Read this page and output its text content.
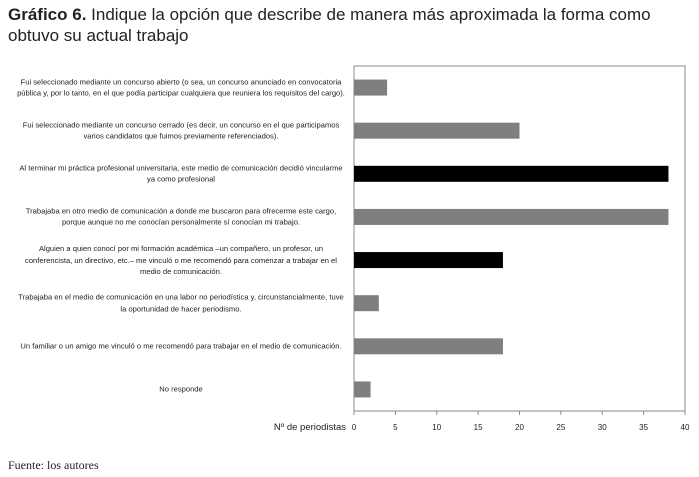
Gráfico 6. Indique la opción que describe de manera más aproximada la forma como obtuvo su actual trabajo
0	5	10	15	20	25	30	35	40
Nº de periodistas
Fuente: los autores
Fui seleccionado mediante un concurso abierto (o sea, un concurso anunciado en convocatoria pública y, por lo tanto, en el que podía participar cualquiera que reuniera los requisitos del cargo).
Fui seleccionado mediante un concurso cerrado (es decir, un concurso en el que participamos varios candidatos que fuimos previamente referenciados).
Al terminar mi práctica profesional universitaria, este medio de comunicación decidió vincularme ya como profesional
Trabajaba en otro medio de comunicación a donde me buscaron para ofrecerme este cargo, porque aunque no me conocían personalmente sí conocían mi trabajo.
Alguien a quien conocí por mi formación académica –un compañero, un profesor, un conferencista, un directivo, etc.– me vinculó o me recomendó para comenzar a trabajar en el medio de comunicación.
Trabajaba en el medio de comunicación en una labor no periodística y, circunstancialmente, tuve la oportunidad de hacer periodismo.
Un familiar o un amigo me vinculó o me recomendó para trabajar en el medio de comunicación.
No responde
